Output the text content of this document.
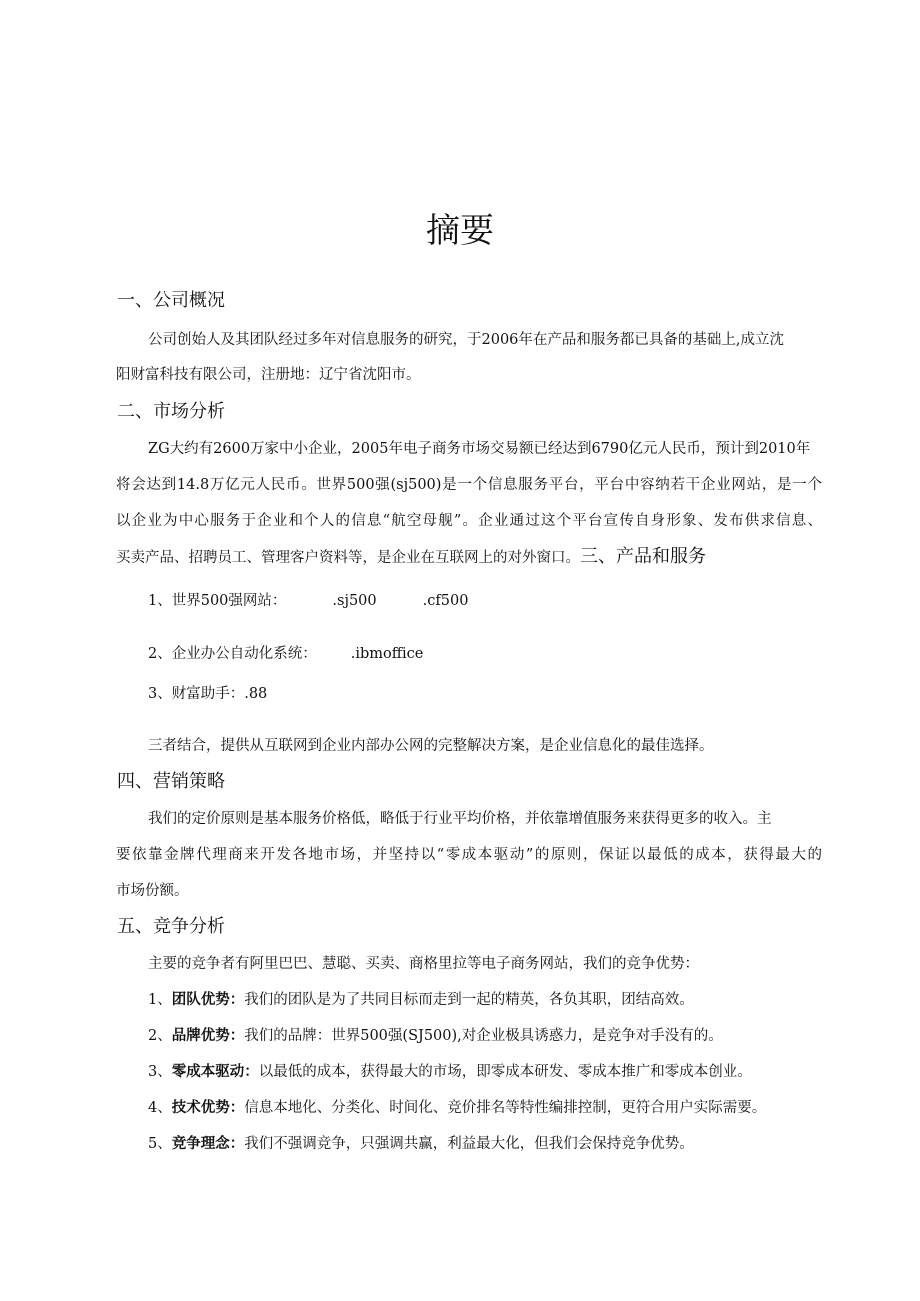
摘要
一、公司概况
公司创始人及其团队经过多年对信息服务的研究，于2006年在产品和服务都已具备的基础上,成立沈
阳财富科技有限公司，注册地：辽宁省沈阳市。
二、市场分析
ZG大约有2600万家中小企业，2005年电子商务市场交易额已经达到6790亿元人民币，预计到2010年
将会达到14.8万亿元人民币。世界500强(sj500)是一个信息服务平台，平台中容纳若干企业网站，是一个
以企业为中心服务于企业和个人的信息“航空母舰”。企业通过这个平台宣传自身形象、发布供求信息、
买卖产品、招聘员工、管理客户资料等，是企业在互联网上的对外窗口。三、产品和服务
1、世界500强网站：	.sj500	.cf500
2、企业办公自动化系统： .ibmoffice
3、财富助手：.88
三者结合，提供从互联网到企业内部办公网的完整解决方案，是企业信息化的最佳选择。
四、营销策略
我们的定价原则是基本服务价格低，略低于行业平均价格，并依靠增值服务来获得更多的收入。主
要依靠金牌代理商来开发各地市场，并坚持以“零成本驱动”的原则，保证以最低的成本，获得最大的
市场份额。
五、竞争分析
主要的竞争者有阿里巴巴、慧聪、买卖、商格里拉等电子商务网站，我们的竞争优势：
1、团队优势：我们的团队是为了共同目标而走到一起的精英，各负其职，团结高效。
2、品牌优势：我们的品牌：世界500强(SJ500),对企业极具诱惑力，是竞争对手没有的。
3、零成本驱动：以最低的成本，获得最大的市场，即零成本研发、零成本推广和零成本创业。
4、技术优势：信息本地化、分类化、时间化、竞价排名等特性编排控制，更符合用户实际需要。
5、竞争理念：我们不强调竞争，只强调共赢，利益最大化，但我们会保持竞争优势。
